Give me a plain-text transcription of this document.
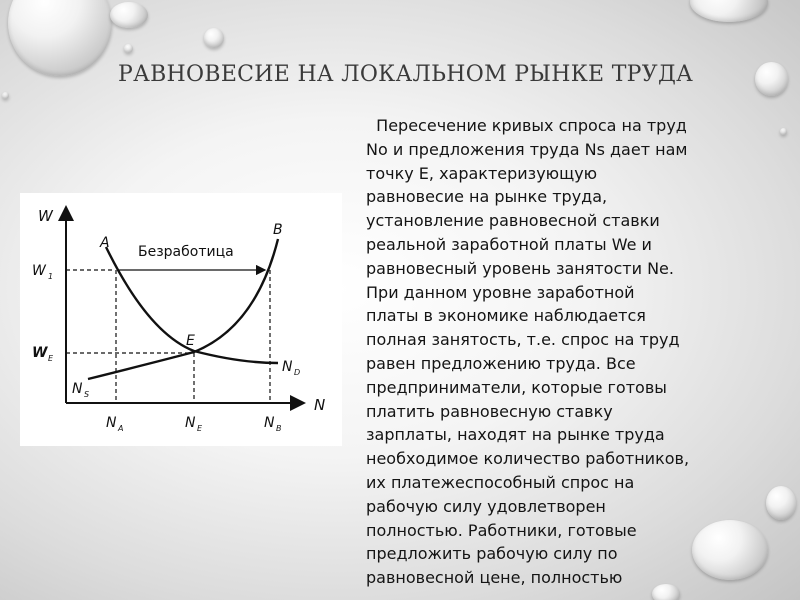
РАВНОВЕСИЕ НА ЛОКАЛЬНОМ РЫНКЕ ТРУДА
W
N
W 1
W E
A
B
E
Безработица
N S
N D
N A	N E	N B
Пересечение кривых спроса на труд
No и предложения труда Ns дает нам
точку E, характеризующую
равновесие на рынке труда,
установление равновесной ставки
реальной заработной платы We и
равновесный уровень занятости Ne.
При данном уровне заработной
платы в экономике наблюдается
полная занятость, т.е. спрос на труд
равен предложению труда. Все
предприниматели, которые готовы
платить равновесную ставку
зарплаты, находят на рынке труда
необходимое количество работников,
их платежеспособный спрос на
рабочую силу удовлетворен
полностью. Работники, готовые
предложить рабочую силу по
равновесной цене, полностью
